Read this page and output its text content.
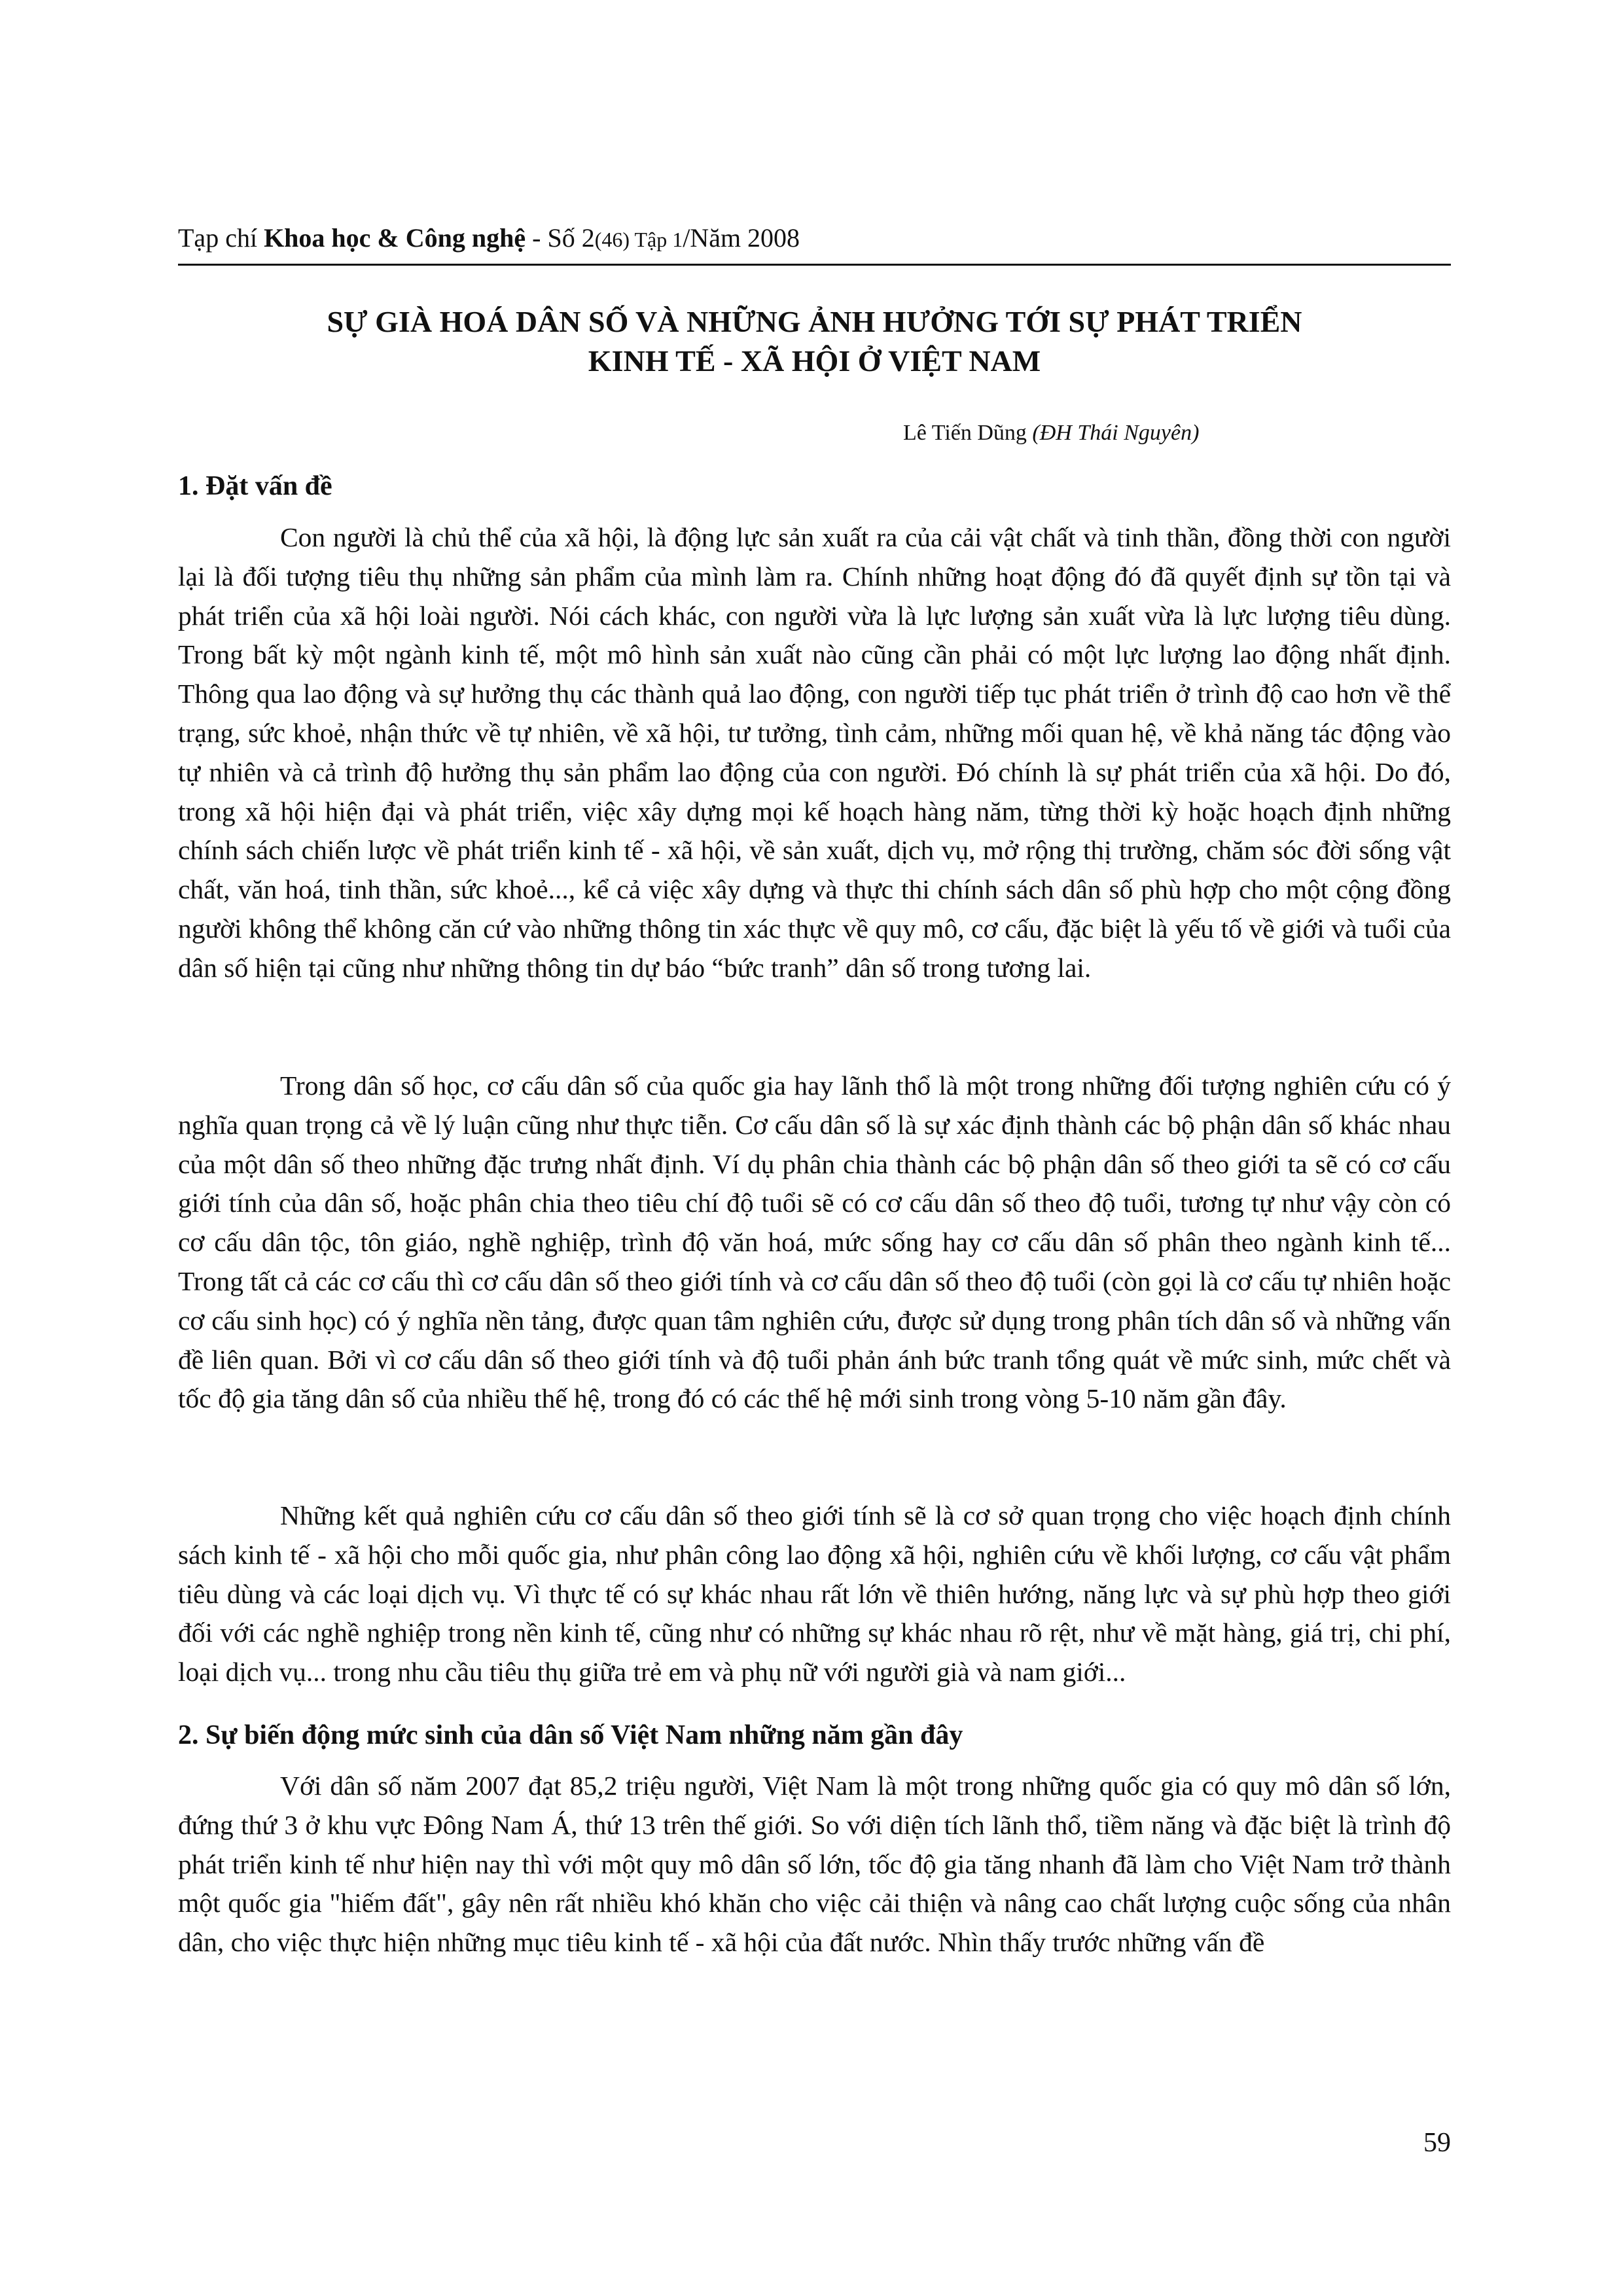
Tạp chí Khoa học & Công nghệ - Số 2(46) Tập 1/Năm 2008
SỰ GIÀ HOÁ DÂN SỐ VÀ NHỮNG ẢNH HƯỞNG TỚI SỰ PHÁT TRIỂN
KINH TẾ - XÃ HỘI Ở VIỆT NAM
Lê Tiến Dũng (ĐH Thái Nguyên)
1. Đặt vấn đề

Con người là chủ thể của xã hội, là động lực sản xuất ra của cải vật chất và tinh thần, đồng thời con người lại là đối tượng tiêu thụ những sản phẩm của mình làm ra. Chính những hoạt động đó đã quyết định sự tồn tại và phát triển của xã hội loài người. Nói cách khác, con người vừa là lực lượng sản xuất vừa là lực lượng tiêu dùng. Trong bất kỳ một ngành kinh tế, một mô hình sản xuất nào cũng cần phải có một lực lượng lao động nhất định. Thông qua lao động và sự hưởng thụ các thành quả lao động, con người tiếp tục phát triển ở trình độ cao hơn về thể trạng, sức khoẻ, nhận thức về tự nhiên, về xã hội, tư tưởng, tình cảm, những mối quan hệ, về khả năng tác động vào tự nhiên và cả trình độ hưởng thụ sản phẩm lao động của con người. Đó chính là sự phát triển của xã hội. Do đó, trong xã hội hiện đại và phát triển, việc xây dựng mọi kế hoạch hàng năm, từng thời kỳ hoặc hoạch định những chính sách chiến lược về phát triển kinh tế - xã hội, về sản xuất, dịch vụ, mở rộng thị trường, chăm sóc đời sống vật chất, văn hoá, tinh thần, sức khoẻ..., kể cả việc xây dựng và thực thi chính sách dân số phù hợp cho một cộng đồng người không thể không căn cứ vào những thông tin xác thực về quy mô, cơ cấu, đặc biệt là yếu tố về giới và tuổi của dân số hiện tại cũng như những thông tin dự báo “bức tranh” dân số trong tương lai.

Trong dân số học, cơ cấu dân số của quốc gia hay lãnh thổ là một trong những đối tượng nghiên cứu có ý nghĩa quan trọng cả về lý luận cũng như thực tiễn. Cơ cấu dân số là sự xác định thành các bộ phận dân số khác nhau của một dân số theo những đặc trưng nhất định. Ví dụ phân chia thành các bộ phận dân số theo giới ta sẽ có cơ cấu giới tính của dân số, hoặc phân chia theo tiêu chí độ tuổi sẽ có cơ cấu dân số theo độ tuổi, tương tự như vậy còn có cơ cấu dân tộc, tôn giáo, nghề nghiệp, trình độ văn hoá, mức sống hay cơ cấu dân số phân theo ngành kinh tế... Trong tất cả các cơ cấu thì cơ cấu dân số theo giới tính và cơ cấu dân số theo độ tuổi (còn gọi là cơ cấu tự nhiên hoặc cơ cấu sinh học) có ý nghĩa nền tảng, được quan tâm nghiên cứu, được sử dụng trong phân tích dân số và những vấn đề liên quan. Bởi vì cơ cấu dân số theo giới tính và độ tuổi phản ánh bức tranh tổng quát về mức sinh, mức chết và tốc độ gia tăng dân số của nhiều thế hệ, trong đó có các thế hệ mới sinh trong vòng 5-10 năm gần đây.

Những kết quả nghiên cứu cơ cấu dân số theo giới tính sẽ là cơ sở quan trọng cho việc hoạch định chính sách kinh tế - xã hội cho mỗi quốc gia, như phân công lao động xã hội, nghiên cứu về khối lượng, cơ cấu vật phẩm tiêu dùng và các loại dịch vụ. Vì thực tế có sự khác nhau rất lớn về thiên hướng, năng lực và sự phù hợp theo giới đối với các nghề nghiệp trong nền kinh tế, cũng như có những sự khác nhau rõ rệt, như về mặt hàng, giá trị, chi phí, loại dịch vụ... trong nhu cầu tiêu thụ giữa trẻ em và phụ nữ với người già và nam giới...

2. Sự biến động mức sinh của dân số Việt Nam những năm gần đây

Với dân số năm 2007 đạt 85,2 triệu người, Việt Nam là một trong những quốc gia có quy mô dân số lớn, đứng thứ 3 ở khu vực Đông Nam Á, thứ 13 trên thế giới. So với diện tích lãnh thổ, tiềm năng và đặc biệt là trình độ phát triển kinh tế như hiện nay thì với một quy mô dân số lớn, tốc độ gia tăng nhanh đã làm cho Việt Nam trở thành một quốc gia "hiếm đất", gây nên rất nhiều khó khăn cho việc cải thiện và nâng cao chất lượng cuộc sống của nhân dân, cho việc thực hiện những mục tiêu kinh tế - xã hội của đất nước. Nhìn thấy trước những vấn đề

59
